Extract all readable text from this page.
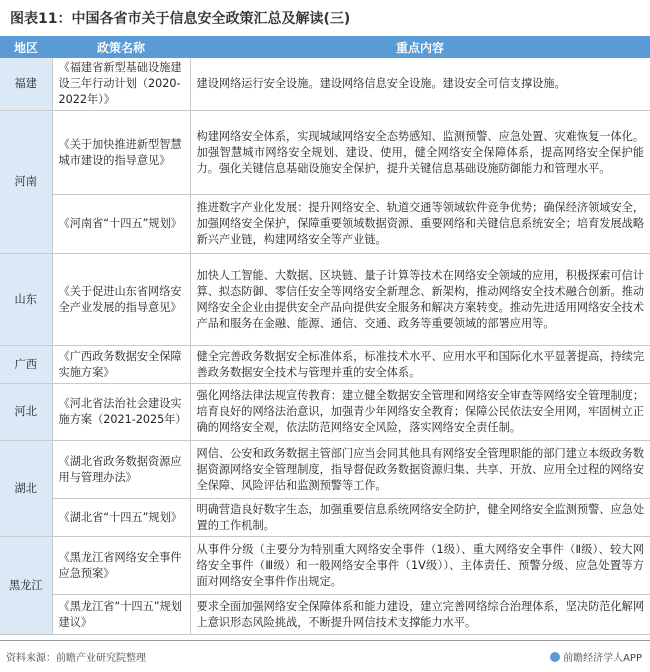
图表11：中国各省市关于信息安全政策汇总及解读(三)
地区	政策名称	重点内容
福建	《福建省新型基础设施建设三年行动计划（2020-2022年）》	建设网络运行安全设施。建设网络信息安全设施。建设安全可信支撑设施。
河南	《关于加快推进新型智慧城市建设的指导意见》	构建网络安全体系，实现城域网络安全态势感知、监测预警、应急处置、灾难恢复一体化。加强智慧城市网络安全规划、建设、使用，健全网络安全保障体系，提高网络安全保护能力。强化关键信息基础设施安全保护，提升关键信息基础设施防御能力和管理水平。
	《河南省“十四五”规划》	推进数字产业化发展：提升网络安全、轨道交通等领域软件竞争优势；确保经济领域安全，加强网络安全保护，保障重要领域数据资源、重要网络和关键信息系统安全；培育发展战略新兴产业链，构建网络安全等产业链。
山东	《关于促进山东省网络安全产业发展的指导意见》	加快人工智能、大数据、区块链、量子计算等技术在网络安全领域的应用，积极探索可信计算、拟态防御、零信任安全等网络安全新理念、新架构，推动网络安全技术融合创新。推动网络安全企业由提供安全产品向提供安全服务和解决方案转变。推动先进适用网络安全技术产品和服务在金融、能源、通信、交通、政务等重要领域的部署应用等。
广西	《广西政务数据安全保障实施方案》	健全完善政务数据安全标准体系，标准技术水平、应用水平和国际化水平显著提高，持续完善政务数据安全技术与管理并重的安全体系。
河北	《河北省法治社会建设实施方案（2021-2025年）	强化网络法律法规宣传教育：建立健全数据安全管理和网络安全审查等网络安全管理制度；培育良好的网络法治意识，加强青少年网络安全教育；保障公民依法安全用网，牢固树立正确的网络安全观，依法防范网络安全风险，落实网络安全责任制。
湖北	《湖北省政务数据资源应用与管理办法》	网信、公安和政务数据主管部门应当会同其他具有网络安全管理职能的部门建立本级政务数据资源网络安全管理制度，指导督促政务数据资源归集、共享、开放、应用全过程的网络安全保障、风险评估和监测预警等工作。
	《湖北省“十四五”规划》	明确营造良好数字生态，加强重要信息系统网络安全防护，健全网络安全监测预警、应急处置的工作机制。
黑龙江	《黑龙江省网络安全事件应急预案》	从事件分级（主要分为特别重大网络安全事件（1级）、重大网络安全事件（Ⅱ级）、较大网络安全事件（Ⅲ级）和一般网络安全事件（1V级））、主体责任、预警分级、应急处置等方面对网络安全事件作出规定。
	《黑龙江省“十四五”规划建议》	要求全面加强网络安全保障体系和能力建设，建立完善网络综合治理体系，坚决防范化解网上意识形态风险挑战，不断提升网信技术支撑能力水平。
资料来源：前瞻产业研究院整理	前瞻经济学人APP
